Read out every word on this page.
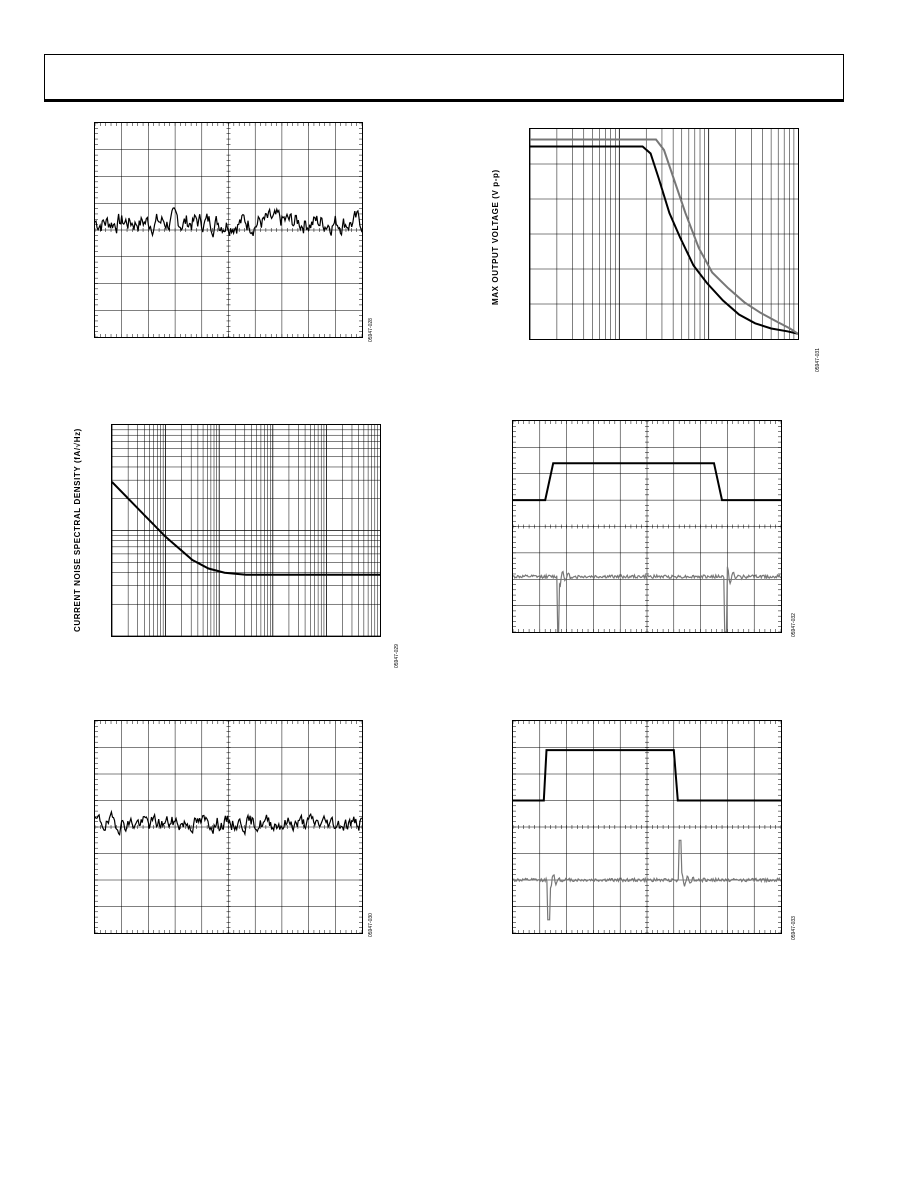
05947-028
MAX OUTPUT VOLTAGE (V p-p)
05947-031
CURRENT NOISE SPECTRAL DENSITY (fA/√Hz)
05947-029
05947-032
05947-030	05947-033
